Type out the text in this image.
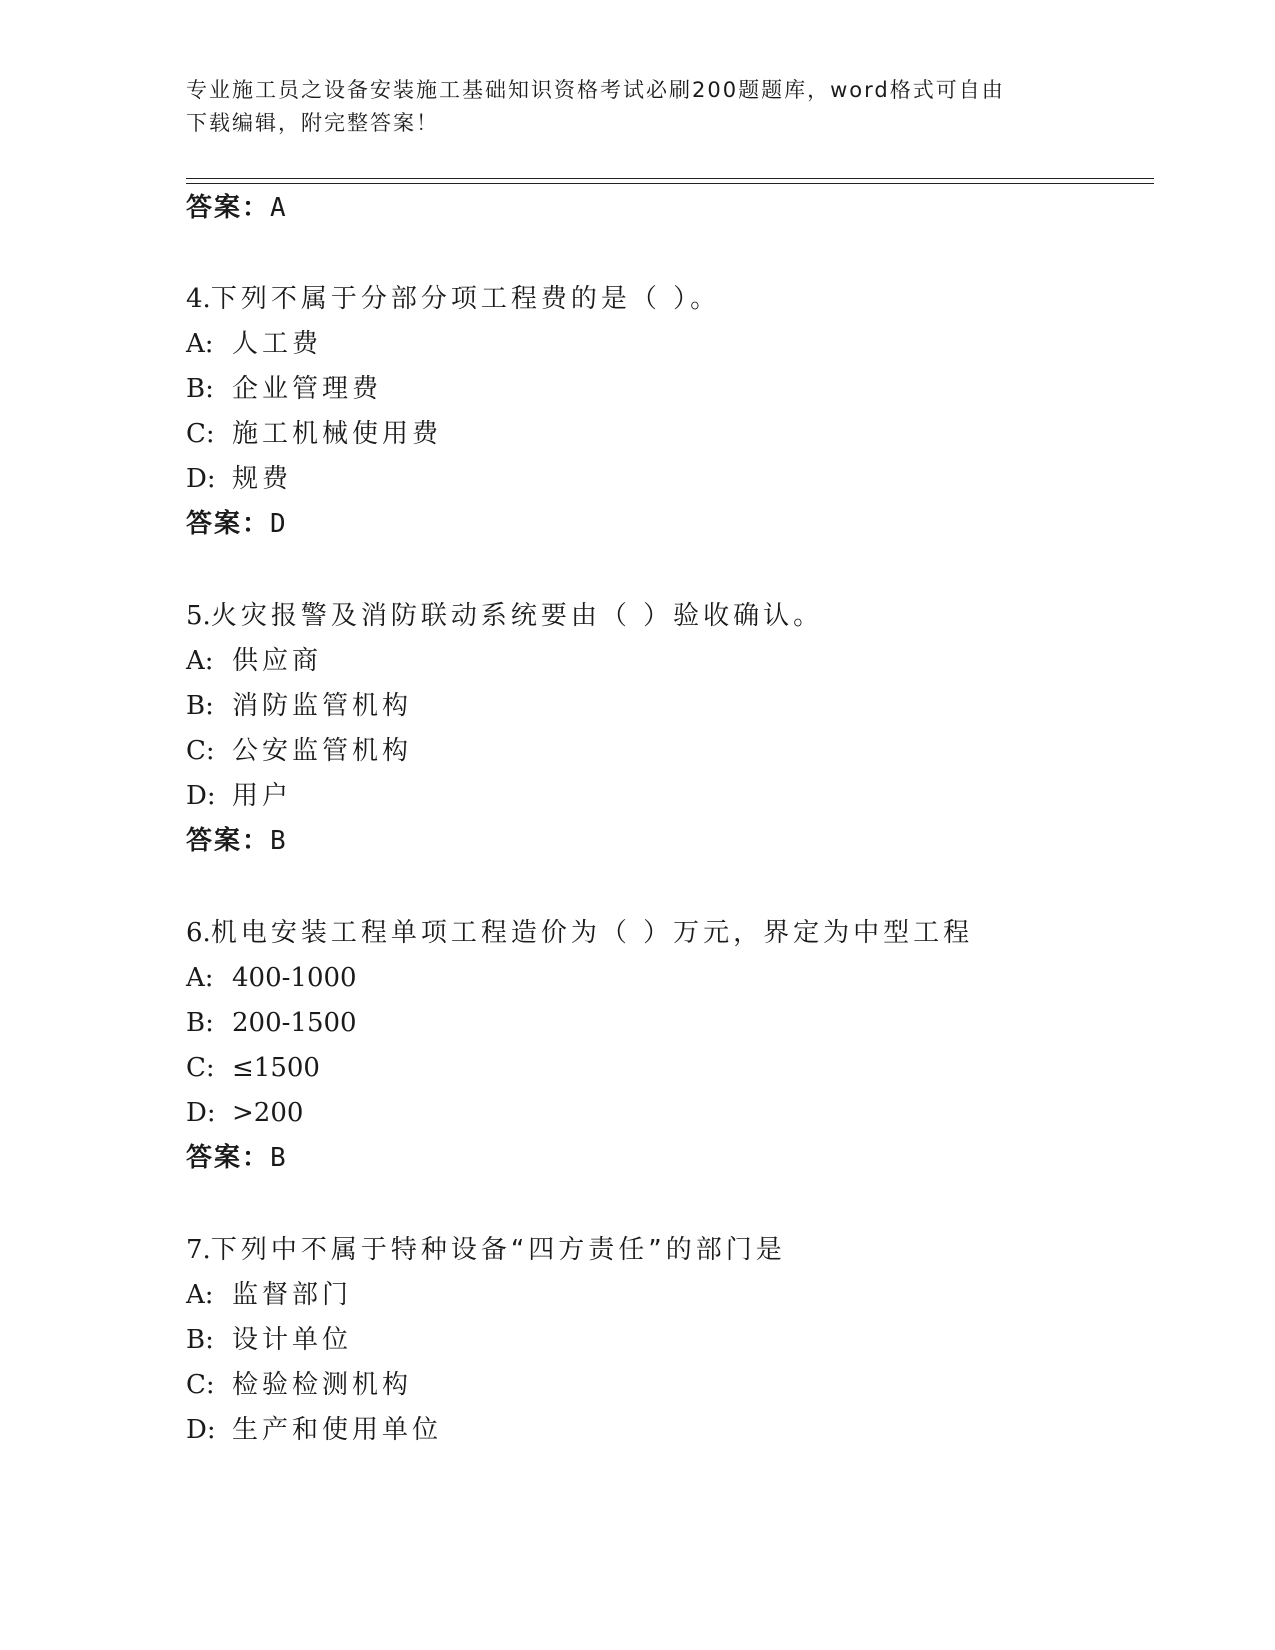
专业施工员之设备安装施工基础知识资格考试必刷200题题库，word格式可自由
下载编辑，附完整答案！
答案：A
4.下列不属于分部分项工程费的是（ ）。
A: 人工费
B: 企业管理费
C: 施工机械使用费
D: 规费
答案：D
5.火灾报警及消防联动系统要由（ ）验收确认。
A: 供应商
B: 消防监管机构
C: 公安监管机构
D: 用户
答案：B
6.机电安装工程单项工程造价为（ ）万元，界定为中型工程
A: 400-1000
B: 200-1500
C: ≤1500
D: >200
答案：B
7.下列中不属于特种设备“四方责任”的部门是
A: 监督部门
B: 设计单位
C: 检验检测机构
D: 生产和使用单位
